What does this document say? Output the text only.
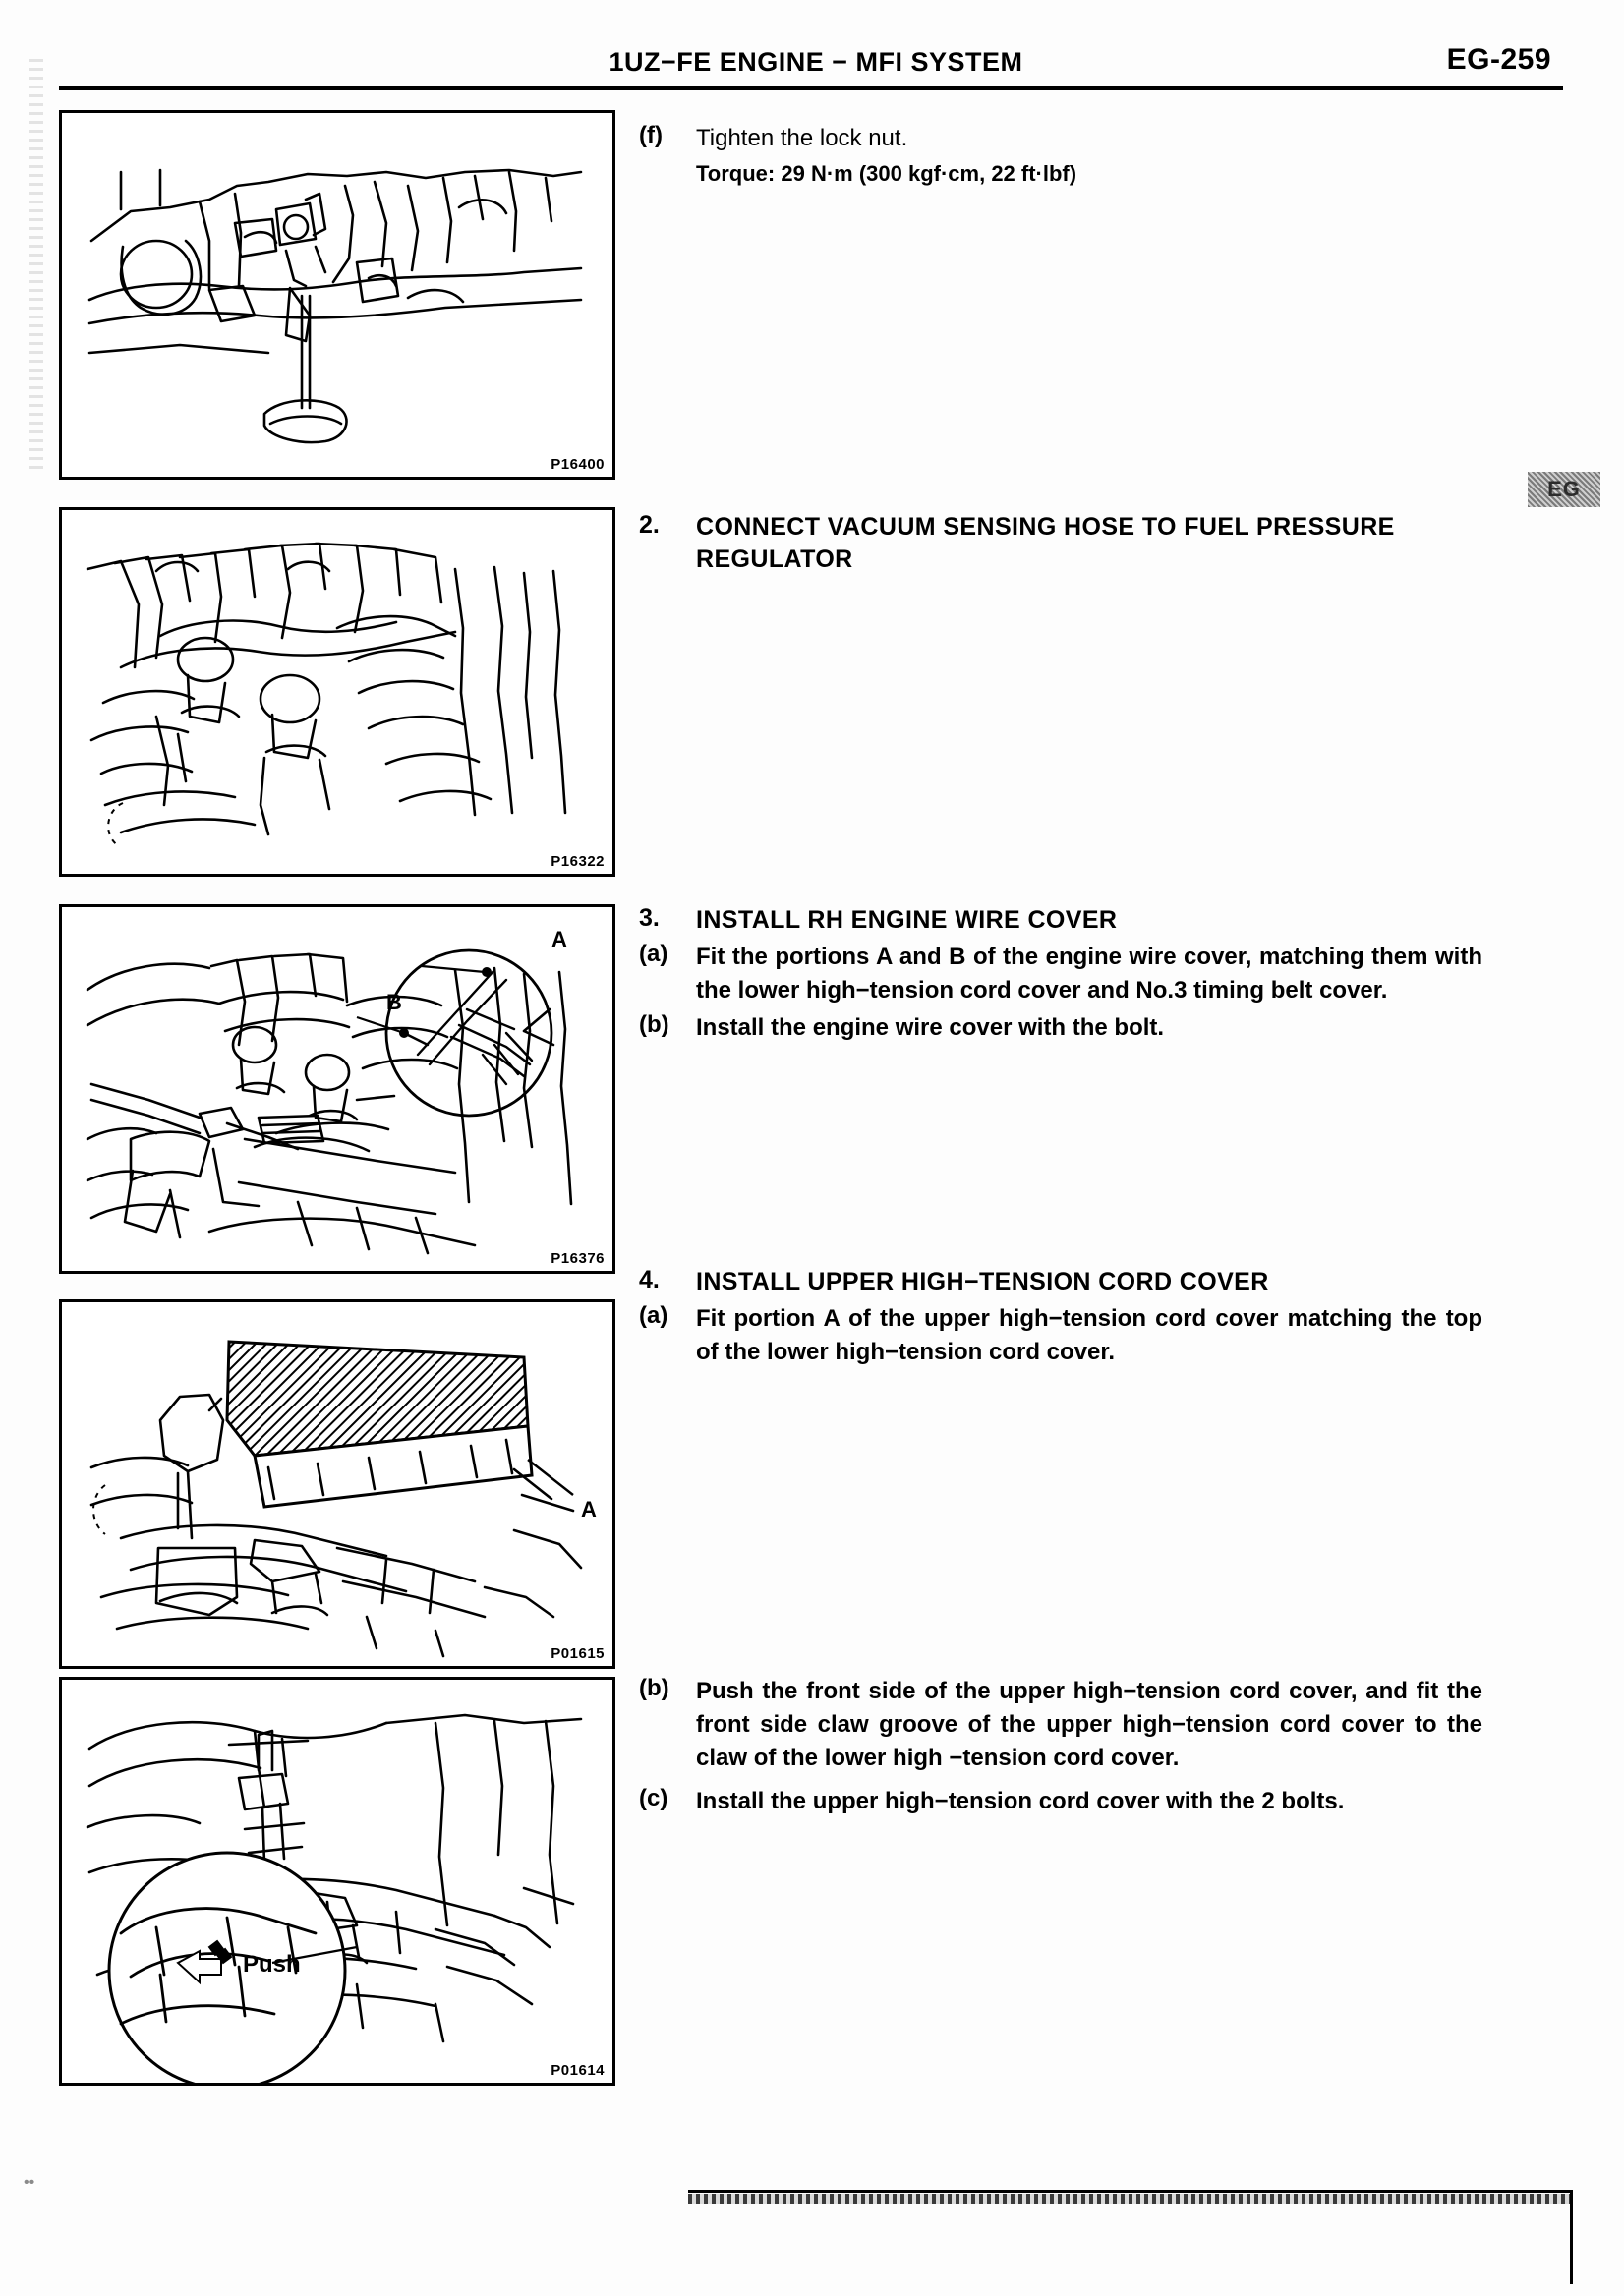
1UZ−FE ENGINE − MFI SYSTEM	EG-259
EG
P16400
P16322
A
B
P16376
A
P01615
Push
P01614
(f)	Tighten the lock nut.
Torque: 29 N·m (300 kgf·cm, 22 ft·lbf)
2.	CONNECT VACUUM SENSING HOSE TO FUEL PRESSURE REGULATOR
3.	INSTALL RH ENGINE WIRE COVER
(a)	Fit the portions A and B of the engine wire cover, matching them with the lower high−tension cord cover and No.3 timing belt cover.
(b)	Install the engine wire cover with the bolt.
4.	INSTALL UPPER HIGH−TENSION CORD COVER
(a)	Fit portion A of the upper high−tension cord cover matching the top of the lower high−tension cord cover.
(b)	Push the front side of the upper high−tension cord cover, and fit the front side claw groove of the upper high−tension cord cover to the claw of the lower high −tension cord cover.
(c)	Install the upper high−tension cord cover with the 2 bolts.
••
